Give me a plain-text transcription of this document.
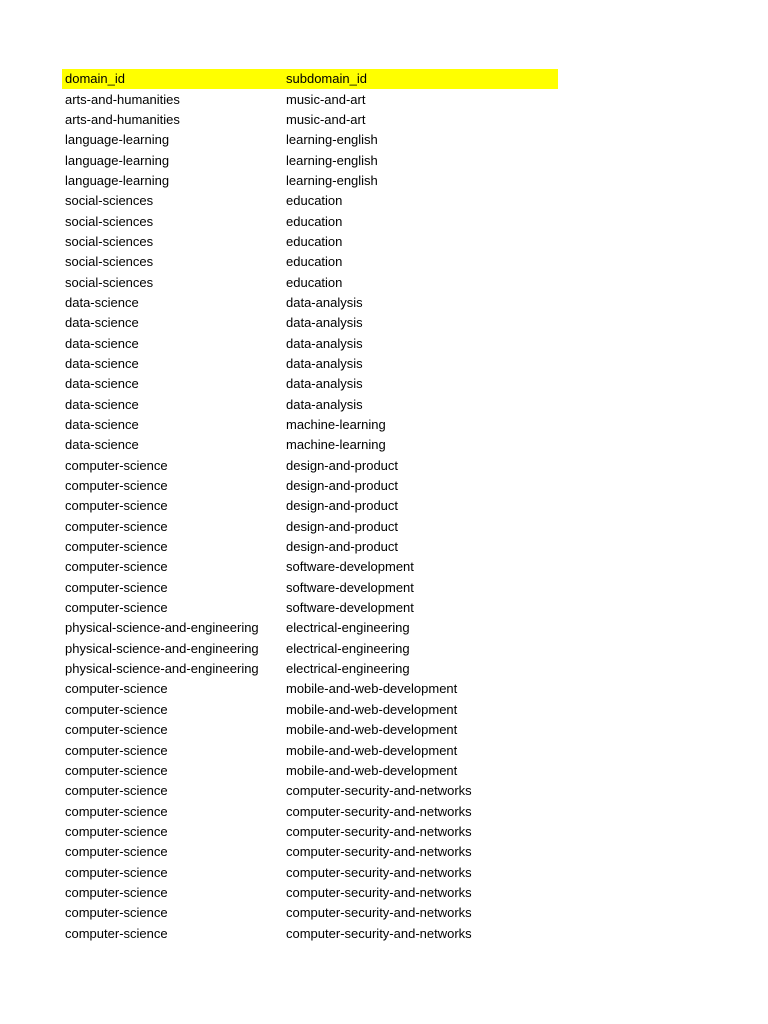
domain_id	subdomain_id
arts-and-humanities	music-and-art
arts-and-humanities	music-and-art
language-learning	learning-english
language-learning	learning-english
language-learning	learning-english
social-sciences	education
social-sciences	education
social-sciences	education
social-sciences	education
social-sciences	education
data-science	data-analysis
data-science	data-analysis
data-science	data-analysis
data-science	data-analysis
data-science	data-analysis
data-science	data-analysis
data-science	machine-learning
data-science	machine-learning
computer-science	design-and-product
computer-science	design-and-product
computer-science	design-and-product
computer-science	design-and-product
computer-science	design-and-product
computer-science	software-development
computer-science	software-development
computer-science	software-development
physical-science-and-engineering	electrical-engineering
physical-science-and-engineering	electrical-engineering
physical-science-and-engineering	electrical-engineering
computer-science	mobile-and-web-development
computer-science	mobile-and-web-development
computer-science	mobile-and-web-development
computer-science	mobile-and-web-development
computer-science	mobile-and-web-development
computer-science	computer-security-and-networks
computer-science	computer-security-and-networks
computer-science	computer-security-and-networks
computer-science	computer-security-and-networks
computer-science	computer-security-and-networks
computer-science	computer-security-and-networks
computer-science	computer-security-and-networks
computer-science	computer-security-and-networks
